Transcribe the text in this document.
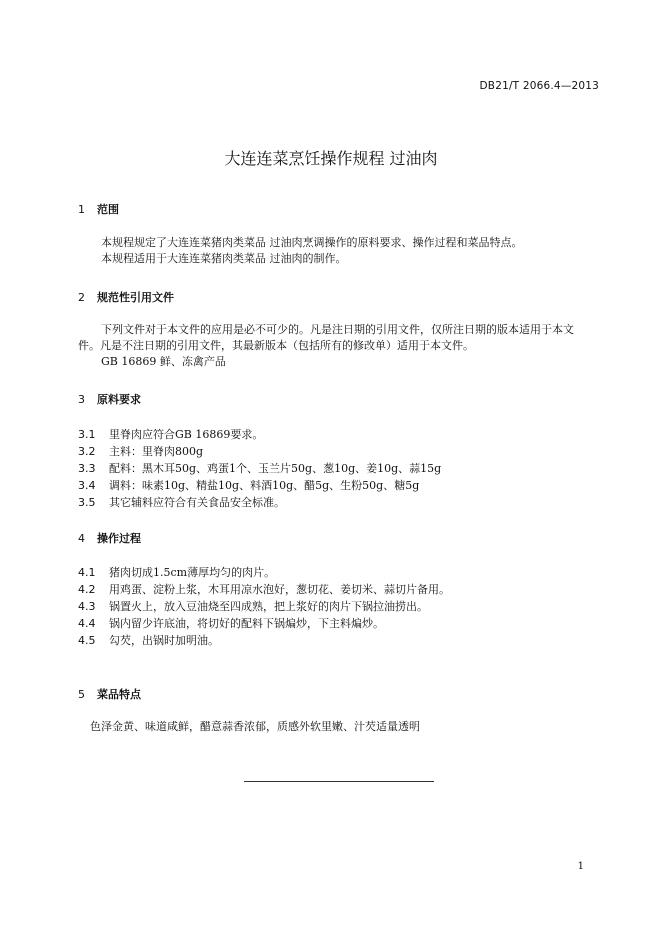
DB21/T 2066.4—2013
大连连菜烹饪操作规程 过油肉
1 范围
本规程规定了大连连菜猪肉类菜品 过油肉烹调操作的原料要求、操作过程和菜品特点。
本规程适用于大连连菜猪肉类菜品 过油肉的制作。
2 规范性引用文件
下列文件对于本文件的应用是必不可少的。凡是注日期的引用文件，仅所注日期的版本适用于本文
件。凡是不注日期的引用文件，其最新版本（包括所有的修改单）适用于本文件。
GB 16869 鲜、冻禽产品
3 原料要求
3.1 里脊肉应符合GB 16869要求。
3.2 主料：里脊肉800g
3.3 配料：黑木耳50g、鸡蛋1个、玉兰片50g、葱10g、姜10g、蒜15g
3.4 调料：味素10g、精盐10g、料酒10g、醋5g、生粉50g、糖5g
3.5 其它辅料应符合有关食品安全标准。
4 操作过程
4.1 猪肉切成1.5cm薄厚均匀的肉片。
4.2 用鸡蛋、淀粉上浆，木耳用凉水泡好，葱切花、姜切米、蒜切片备用。
4.3 锅置火上，放入豆油烧至四成熟，把上浆好的肉片下锅拉油捞出。
4.4 锅内留少许底油，将切好的配料下锅煸炒，下主料煸炒。
4.5 勾芡，出锅时加明油。
5 菜品特点
色泽金黄、味道咸鲜，醋意蒜香浓郁，质感外软里嫩、汁芡适量透明
1
